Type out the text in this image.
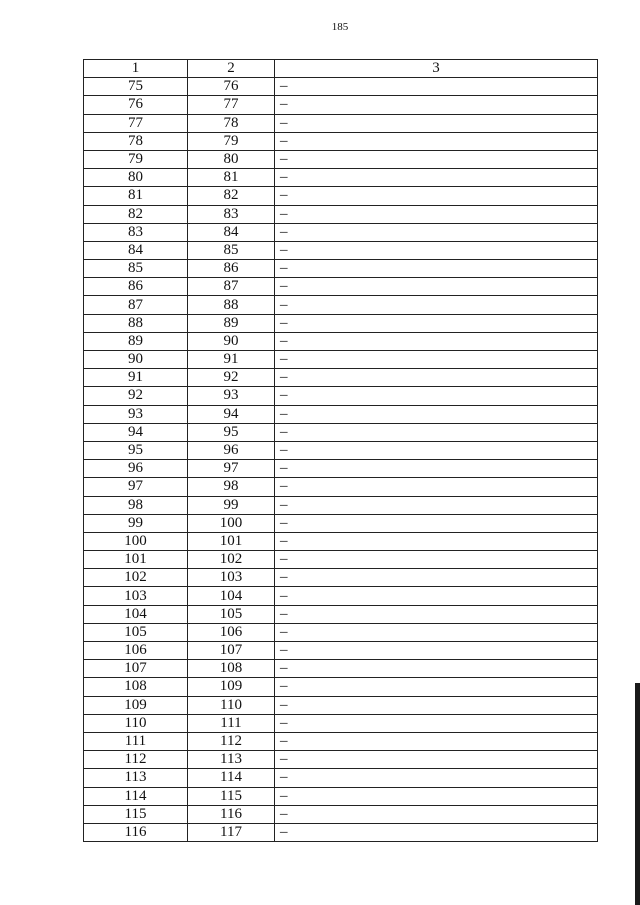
185
1	2	3
75	76	–
76	77	–
77	78	–
78	79	–
79	80	–
80	81	–
81	82	–
82	83	–
83	84	–
84	85	–
85	86	–
86	87	–
87	88	–
88	89	–
89	90	–
90	91	–
91	92	–
92	93	–
93	94	–
94	95	–
95	96	–
96	97	–
97	98	–
98	99	–
99	100	–
100	101	–
101	102	–
102	103	–
103	104	–
104	105	–
105	106	–
106	107	–
107	108	–
108	109	–
109	110	–
110	111	–
111	112	–
112	113	–
113	114	–
114	115	–
115	116	–
116	117	–
